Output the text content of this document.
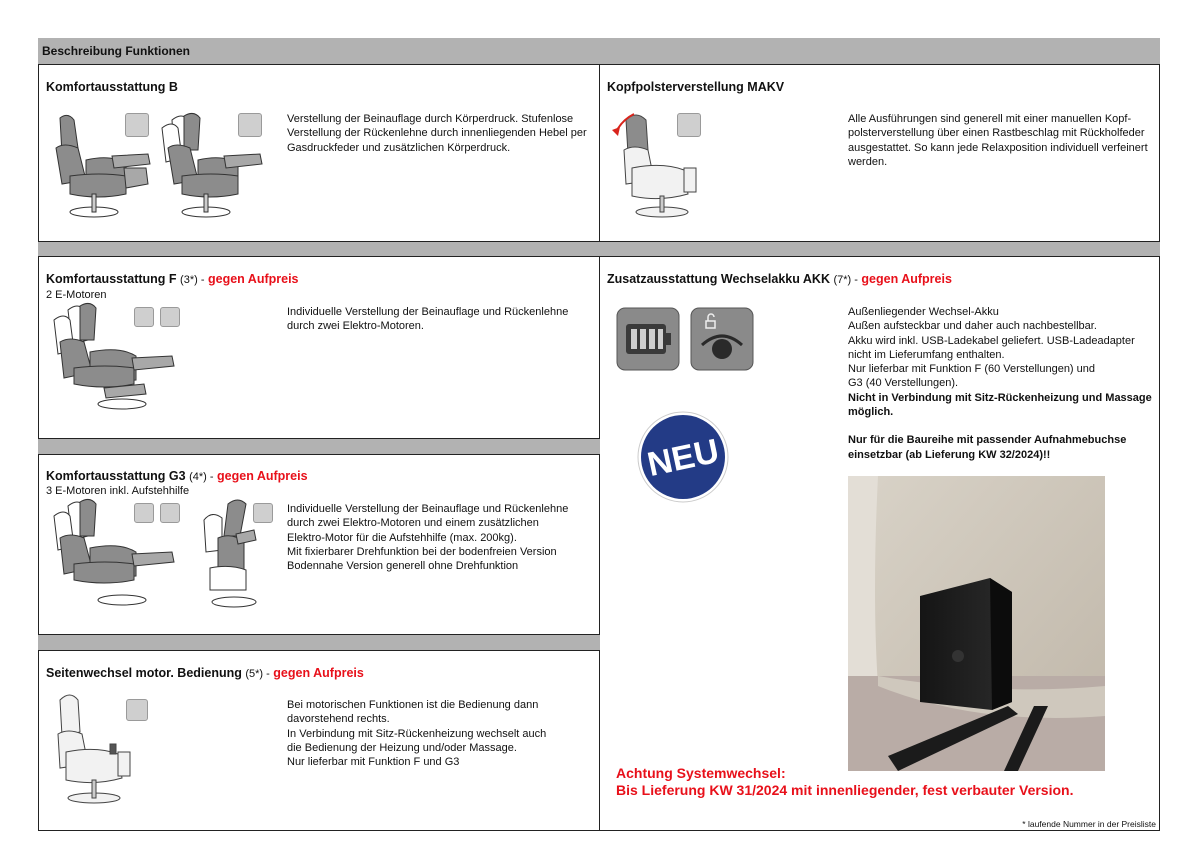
Beschreibung Funktionen
Komfortausstattung B
Verstellung der Beinauflage durch Körperdruck. Stufenlose Verstellung der Rückenlehne durch innenliegenden Hebel per Gasdruckfeder und zusätzlichen Körperdruck.
Kopfpolsterverstellung MAKV
Alle Ausführungen sind generell mit einer manuellen Kopfpolsterverstellung über einen Rastbeschlag mit Rückholfeder ausgestattet. So kann jede Relaxposition individuell verfeinert werden.
Komfortausstattung F (3*) - gegen Aufpreis
2 E-Motoren
Individuelle Verstellung der Beinauflage und Rückenlehne durch zwei Elektro-Motoren.
Komfortausstattung G3 (4*) - gegen Aufpreis
3 E-Motoren inkl. Aufstehhilfe

Individuelle Verstellung der Beinauflage und Rückenlehne

durch zwei Elektro-Motoren und einem zusätzlichen

Elektro-Motor für die Aufstehhilfe (max. 200kg).

Mit fixierbarer Drehfunktion bei der bodenfreien Version

Bodennahe Version generell ohne Drehfunktion

Seitenwechsel motor. Bedienung (5*) - gegen Aufpreis

Bei motorischen Funktionen ist die Bedienung dann

davorstehend rechts.

In Verbindung mit Sitz-Rückenheizung wechselt auch

die Bedienung der Heizung und/oder Massage.

Nur lieferbar mit Funktion F und G3

Zusatzausstattung Wechselakku AKK (7*) - gegen Aufpreis

Außenliegender Wechsel-Akku

Außen aufsteckbar und daher auch nachbestellbar.

Akku wird inkl. USB-Ladekabel geliefert. USB-Ladeadapter

nicht im Lieferumfang enthalten.

Nur lieferbar mit Funktion F (60 Verstellungen) und

G3 (40 Verstellungen).

Nicht in Verbindung mit Sitz-Rückenheizung und Massage möglich.

Nur für die Baureihe mit passender Aufnahmebuchse einsetzbar (ab Lieferung KW 32/2024)!!

NEU
Achtung Systemwechsel:
Bis Lieferung KW 31/2024 mit innenliegender, fest verbauter Version.
* laufende Nummer in der Preisliste
